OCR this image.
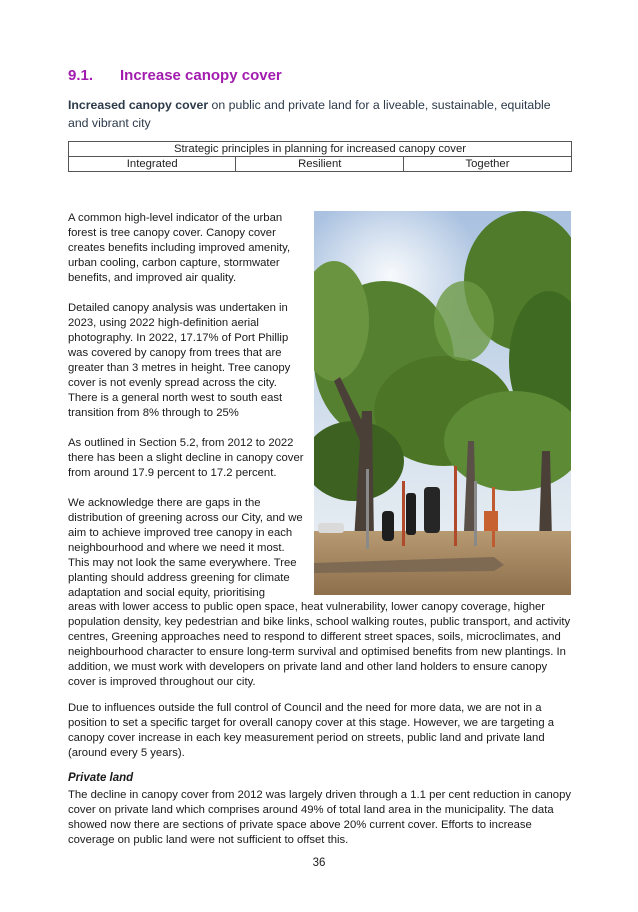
9.1. Increase canopy cover
Increased canopy cover on public and private land for a liveable, sustainable, equitable and vibrant city
Strategic principles in planning for increased canopy cover
Integrated	Resilient	Together
A common high-level indicator of the urban forest is tree canopy cover. Canopy cover creates benefits including improved amenity, urban cooling, carbon capture, stormwater benefits, and improved air quality.
Detailed canopy analysis was undertaken in 2023, using 2022 high-definition aerial photography. In 2022, 17.17% of Port Phillip was covered by canopy from trees that are greater than 3 metres in height. Tree canopy cover is not evenly spread across the city. There is a general north west to south east transition from 8% through to 25%
As outlined in Section 5.2, from 2012 to 2022 there has been a slight decline in canopy cover from around 17.9 percent to 17.2 percent.
We acknowledge there are gaps in the distribution of greening across our City, and we aim to achieve improved tree canopy in each neighbourhood and where we need it most. This may not look the same everywhere. Tree planting should address greening for climate adaptation and social equity, prioritising
areas with lower access to public open space, heat vulnerability, lower canopy coverage, higher population density, key pedestrian and bike links, school walking routes, public transport, and activity centres, Greening approaches need to respond to different street spaces, soils, microclimates, and neighbourhood character to ensure long-term survival and optimised benefits from new plantings. In addition, we must work with developers on private land and other land holders to ensure canopy cover is improved throughout our city.
Due to influences outside the full control of Council and the need for more data, we are not in a position to set a specific target for overall canopy cover at this stage. However, we are targeting a canopy cover increase in each key measurement period on streets, public land and private land (around every 5 years).
Private land
The decline in canopy cover from 2012 was largely driven through a 1.1 per cent reduction in canopy cover on private land which comprises around 49% of total land area in the municipality. The data showed now there are sections of private space above 20% current cover. Efforts to increase coverage on public land were not sufficient to offset this.
36
